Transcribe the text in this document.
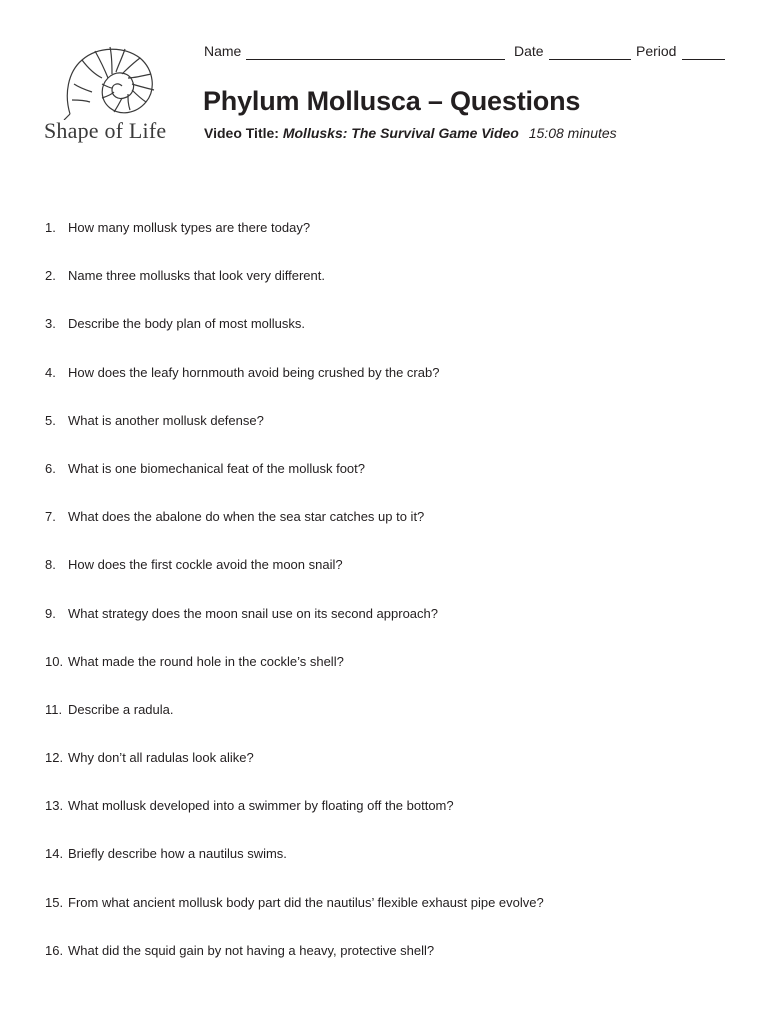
Shape of Life
Name	Date	Period
Phylum Mollusca – Questions
Video Title: Mollusks: The Survival Game Video 15:08 minutes
1. How many mollusk types are there today?
2. Name three mollusks that look very different.
3. Describe the body plan of most mollusks.
4. How does the leafy hornmouth avoid being crushed by the crab?
5. What is another mollusk defense?
6. What is one biomechanical feat of the mollusk foot?
7. What does the abalone do when the sea star catches up to it?
8. How does the first cockle avoid the moon snail?
9. What strategy does the moon snail use on its second approach?
10. What made the round hole in the cockle’s shell?
11. Describe a radula.
12. Why don’t all radulas look alike?
13. What mollusk developed into a swimmer by floating off the bottom?
14. Briefly describe how a nautilus swims.
15. From what ancient mollusk body part did the nautilus’ flexible exhaust pipe evolve?
16. What did the squid gain by not having a heavy, protective shell?
